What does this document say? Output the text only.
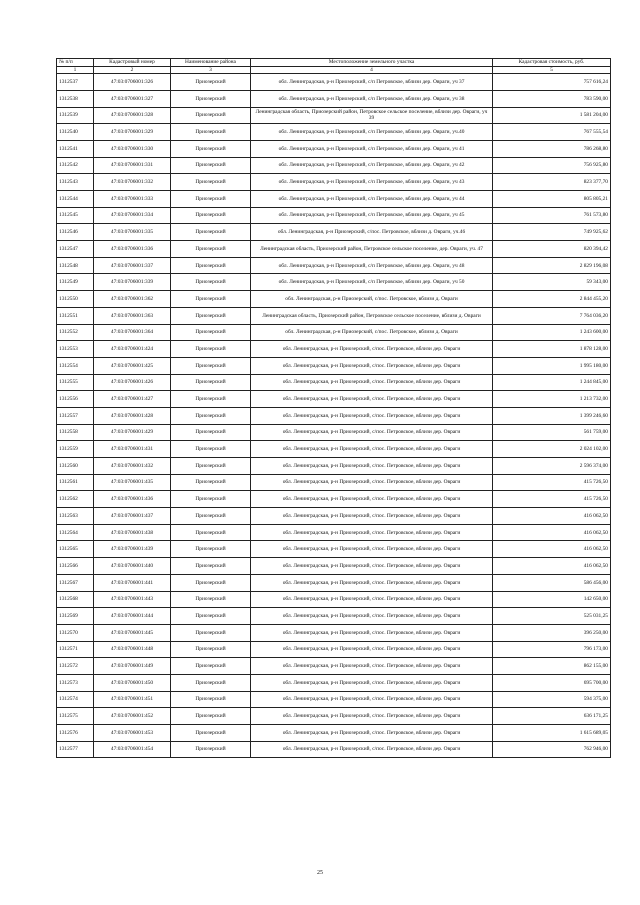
№ п/п	Кадастровый номер	Наименование района	Местоположение земельного участка	Кадастровая стоимость, руб.
1	2	3	4	5
1312537	47:03:0706001:326	Приозерский	обл. Ленинградская, р-н Приозерский, с/п Петровское, вблизи дер. Овраги, уч 37	757 616,24
1312538	47:03:0706001:327	Приозерский	обл. Ленинградская, р-н Приозерский, с/п Петровское, вблизи дер. Овраги, уч 38	783 590,00
1312539	47:03:0706001:328	Приозерский	Ленинградская область, Приозерский район, Петровское сельское поселение, вблизи дер. Овраги, уч 39	1 581 204,00
1312540	47:03:0706001:329	Приозерский	обл. Ленинградская, р-н Приозерский, с/п Петровское, вблизи дер. Овраги, уч.40	767 555,54
1312541	47:03:0706001:330	Приозерский	обл. Ленинградская, р-н Приозерский, с/п Петровское, вблизи дер. Овраги, уч 41	786 268,80
1312542	47:03:0706001:331	Приозерский	обл. Ленинградская, р-н Приозерский, с/п Петровское, вблизи дер. Овраги, уч 42	756 925,80
1312543	47:03:0706001:332	Приозерский	обл. Ленинградская, р-н Приозерский, с/п Петровское, вблизи дер. Овраги, уч 43	823 377,70
1312544	47:03:0706001:333	Приозерский	обл. Ленинградская, р-н Приозерский, с/п Петровское, вблизи дер. Овраги, уч 44	805 805,21
1312545	47:03:0706001:334	Приозерский	обл. Ленинградская, р-н Приозерский, с/п Петровское, вблизи дер. Овраги, уч 45	761 573,80
1312546	47:03:0706001:335	Приозерский	обл. Ленинградская, р-н Приозерский, с/пос. Петровское, вблизи д. Овраги, уч.46	749 925,62
1312547	47:03:0706001:336	Приозерский	Ленинградская область, Приозерский район, Петровское сельское поселение, дер. Овраги, уч. 47	820 394,42
1312548	47:03:0706001:337	Приозерский	обл. Ленинградская, р-н Приозерский, с/п Петровское, вблизи дер. Овраги, уч 48	2 829 196,08
1312549	47:03:0706001:339	Приозерский	обл. Ленинградская, р-н Приозерский, с/п Петровское, вблизи дер. Овраги, уч 50	59 343,00
1312550	47:03:0706001:362	Приозерский	обл. Ленинградская, р-н Приозерский, с/пос. Петровское, вблизи д. Овраги	2 844 455,20
1312551	47:03:0706001:363	Приозерский	Ленинградская область, Приозерский район, Петровское сельское поселение, вблизи д. Овраги	7 764 036,20
1312552	47:03:0706001:364	Приозерский	обл. Ленинградская, р-н Приозерский, с/пос. Петровское, вблизи д. Овраги	1 243 600,00
1312553	47:03:0706001:424	Приозерский	обл. Ленинградская, р-н Приозерский, с/пос. Петровское, вблизи дер. Овраги	1 878 128,00
1312554	47:03:0706001:425	Приозерский	обл. Ленинградская, р-н Приозерский, с/пос. Петровское, вблизи дер. Овраги	1 995 180,00
1312555	47:03:0706001:426	Приозерский	обл. Ленинградская, р-н Приозерский, с/пос. Петровское, вблизи дер. Овраги	1 244 845,00
1312556	47:03:0706001:427	Приозерский	обл. Ленинградская, р-н Приозерский, с/пос. Петровское, вблизи дер. Овраги	1 213 732,00
1312557	47:03:0706001:428	Приозерский	обл. Ленинградская, р-н Приозерский, с/пос. Петровское, вблизи дер. Овраги	1 399 246,60
1312558	47:03:0706001:429	Приозерский	обл. Ленинградская, р-н Приозерский, с/пос. Петровское, вблизи дер. Овраги	561 759,00
1312559	47:03:0706001:431	Приозерский	обл. Ленинградская, р-н Приозерский, с/пос. Петровское, вблизи дер. Овраги	2 024 102,00
1312560	47:03:0706001:432	Приозерский	обл. Ленинградская, р-н Приозерский, с/пос. Петровское, вблизи дер. Овраги	2 596 374,00
1312561	47:03:0706001:435	Приозерский	обл. Ленинградская, р-н Приозерский, с/пос. Петровское, вблизи дер. Овраги	415 726,50
1312562	47:03:0706001:436	Приозерский	обл. Ленинградская, р-н Приозерский, с/пос. Петровское, вблизи дер. Овраги	415 726,50
1312563	47:03:0706001:437	Приозерский	обл. Ленинградская, р-н Приозерский, с/пос. Петровское, вблизи дер. Овраги	416 062,50
1312564	47:03:0706001:438	Приозерский	обл. Ленинградская, р-н Приозерский, с/пос. Петровское, вблизи дер. Овраги	416 062,50
1312565	47:03:0706001:439	Приозерский	обл. Ленинградская, р-н Приозерский, с/пос. Петровское, вблизи дер. Овраги	416 062,50
1312566	47:03:0706001:440	Приозерский	обл. Ленинградская, р-н Приозерский, с/пос. Петровское, вблизи дер. Овраги	416 062,50
1312567	47:03:0706001:441	Приозерский	обл. Ленинградская, р-н Приозерский, с/пос. Петровское, вблизи дер. Овраги	586 456,00
1312568	47:03:0706001:443	Приозерский	обл. Ленинградская, р-н Приозерский, с/пос. Петровское, вблизи дер. Овраги	142 650,00
1312569	47:03:0706001:444	Приозерский	обл. Ленинградская, р-н Приозерский, с/пос. Петровское, вблизи дер. Овраги	525 031,25
1312570	47:03:0706001:445	Приозерский	обл. Ленинградская, р-н Приозерский, с/пос. Петровское, вблизи дер. Овраги	396 250,00
1312571	47:03:0706001:448	Приозерский	обл. Ленинградская, р-н Приозерский, с/пос. Петровское, вблизи дер. Овраги	796 173,00
1312572	47:03:0706001:449	Приозерский	обл. Ленинградская, р-н Приозерский, с/пос. Петровское, вблизи дер. Овраги	862 155,00
1312573	47:03:0706001:450	Приозерский	обл. Ленинградская, р-н Приозерский, с/пос. Петровское, вблизи дер. Овраги	695 700,00
1312574	47:03:0706001:451	Приозерский	обл. Ленинградская, р-н Приозерский, с/пос. Петровское, вблизи дер. Овраги	594 375,00
1312575	47:03:0706001:452	Приозерский	обл. Ленинградская, р-н Приозерский, с/пос. Петровское, вблизи дер. Овраги	636 171,25
1312576	47:03:0706001:453	Приозерский	обл. Ленинградская, р-н Приозерский, с/пос. Петровское, вблизи дер. Овраги	1 615 689,05
1312577	47:03:0706001:454	Приозерский	обл. Ленинградская, р-н Приозерский, с/пос. Петровское, вблизи дер. Овраги	762 946,00
25
